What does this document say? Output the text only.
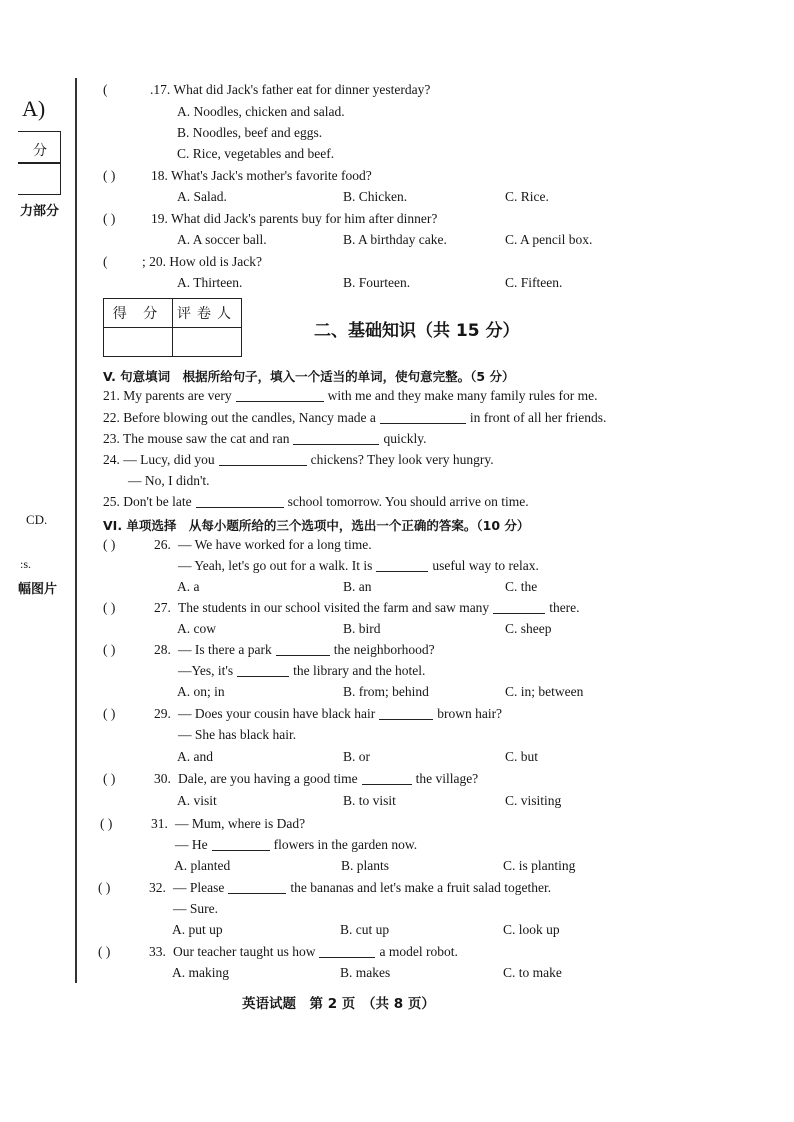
A)
分
力部分
CD.
:s.
幅图片
(	.17. What did Jack's father eat for dinner yesterday?
A. Noodles, chicken and salad.
B. Noodles, beef and eggs.
C. Rice, vegetables and beef.
( )	18. What's Jack's mother's favorite food?
A. Salad.	B. Chicken.	C. Rice.
( )	19. What did Jack's parents buy for him after dinner?
A. A soccer ball.	B. A birthday cake.	C. A pencil box.
(	; 20. How old is Jack?
A. Thirteen.	B. Fourteen.	C. Fifteen.
得 分	评卷人

二、基础知识（共 15 分）
V. 句意填词　根据所给句子，填入一个适当的单词，使句意完整。（5 分）
21. My parents are very	with me and they make many family rules for me.
22. Before blowing out the candles, Nancy made a	in front of all her friends.
23. The mouse saw the cat and ran	quickly.
24. — Lucy, did you	chickens? They look very hungry.
— No, I didn't.
25. Don't be late	school tomorrow. You should arrive on time.
VI. 单项选择　从每小题所给的三个选项中，选出一个正确的答案。（10 分）
( )	26. — We have worked for a long time.
— Yeah, let's go out for a walk. It is	useful way to relax.
A. a	B. an	C. the
( )	27. The students in our school visited the farm and saw many	there.
A. cow	B. bird	C. sheep
( )	28. — Is there a park	the neighborhood?
—Yes, it's	the library and the hotel.
A. on; in	B. from; behind	C. in; between
( )	29. — Does your cousin have black hair	brown hair?
— She has black hair.
A. and	B. or	C. but
( )	30. Dale, are you having a good time	the village?
A. visit	B. to visit	C. visiting
( )	31. — Mum, where is Dad?
— He	flowers in the garden now.
A. planted	B. plants	C. is planting
( )	32. — Please	the bananas and let's make a fruit salad together.
— Sure.
A. put up	B. cut up	C. look up
( )	33. Our teacher taught us how	a model robot.
A. making	B. makes	C. to make
英语试题　第 2 页　（共 8 页）
